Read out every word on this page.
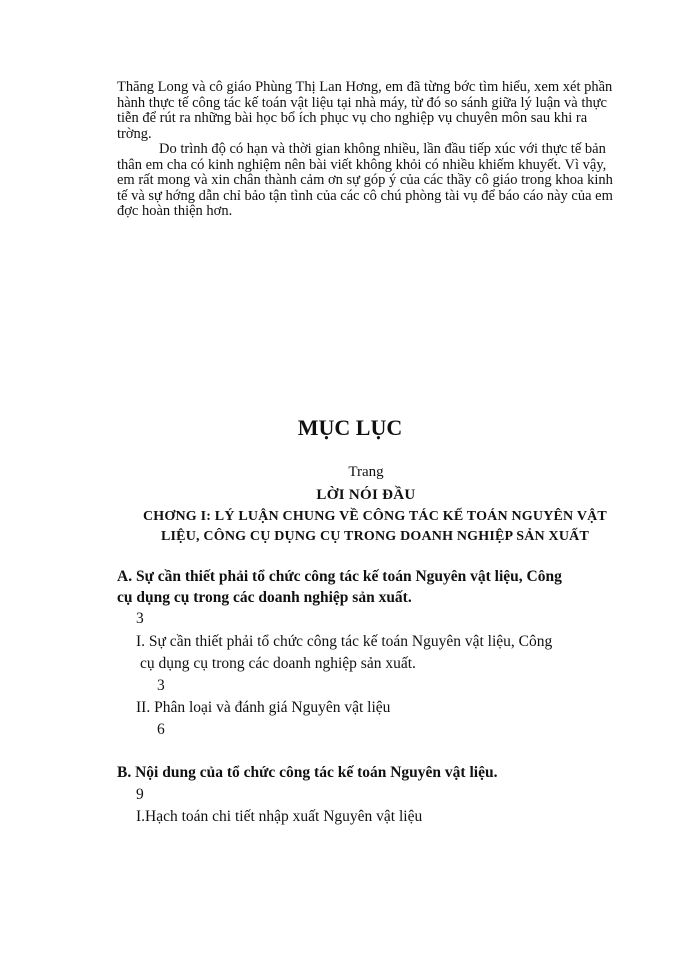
Thăng Long và cô giáo Phùng Thị Lan Hơng, em đã từng bớc tìm hiểu, xem xét phần hành thực tế công tác kế toán vật liệu tại nhà máy, từ đó so sánh giữa lý luận và thực tiễn để rút ra những bài học bổ ích phục vụ cho nghiệp vụ chuyên môn sau khi ra trờng.

Do trình độ có hạn và thời gian không nhiều, lần đầu tiếp xúc với thực tế bản thân em cha có kinh nghiệm nên bài viết không khỏi có nhiều khiếm khuyết. Vì vậy, em rất mong và xin chân thành cảm ơn sự góp ý của các thầy cô giáo trong khoa kinh tế và sự hớng dẫn chỉ bảo tận tình của các cô chú phòng tài vụ để báo cáo này của em đợc hoàn thiện hơn.

MỤC LỤC
Trang
LỜI NÓI ĐẦU
CHƠNG I: LÝ LUẬN CHUNG VỀ CÔNG TÁC KẾ TOÁN NGUYÊN VẬT LIỆU, CÔNG CỤ DỤNG CỤ TRONG DOANH NGHIỆP SẢN XUẤT
A. Sự cần thiết phải tổ chức công tác kế toán Nguyên vật liệu, Công
cụ dụng cụ trong các doanh nghiệp sản xuất.
3
I. Sự cần thiết phải tổ chức công tác kế toán Nguyên vật liệu, Công
cụ dụng cụ trong các doanh nghiệp sản xuất.
3
II. Phân loại và đánh giá Nguyên vật liệu
6
B. Nội dung của tổ chức công tác kế toán Nguyên vật liệu.
9
I.Hạch toán chi tiết nhập xuất Nguyên vật liệu
